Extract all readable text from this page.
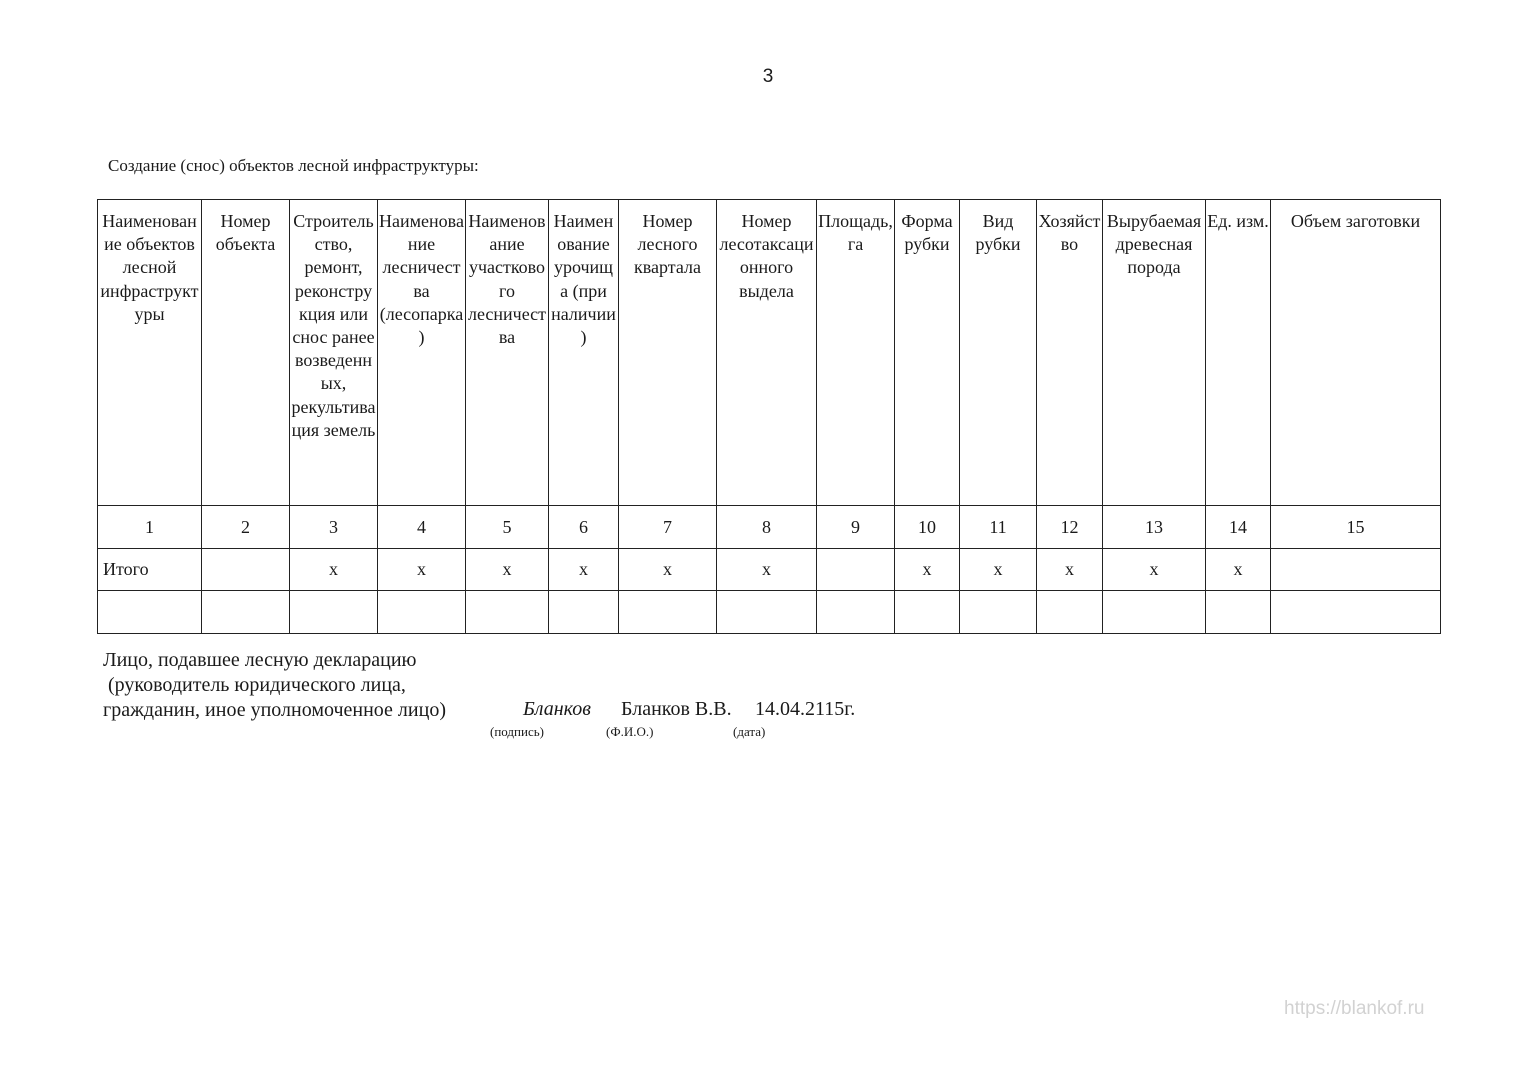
3
Создание (снос) объектов лесной инфраструктуры:
Наименование объектов лесной инфраструктуры	Номер объекта	Строительство, ремонт, реконструкция или снос ранее возведенных, рекультивация земель	Наименование лесничества (лесопарка)	Наименование участкового лесничества	Наименование урочища (при наличии)	Номер лесного квартала	Номер лесотаксационного выдела	Площадь, га	Форма рубки	Вид рубки	Хозяйство	Вырубаемая древесная порода	Ед. изм.	Объем заготовки

1	2	3	4	5	6	7	8	9	10	11	12	13	14	15
Итого		х	х	х	х	х	х		х	х	х	х	х	

Лицо, подавшее лесную декларацию
(руководитель юридического лица,
гражданин, иное уполномоченное лицо)	Бланков Бланков В.В. 14.04.2115г.
(подпись)	(Ф.И.О.)	(дата)
https://blankof.ru
